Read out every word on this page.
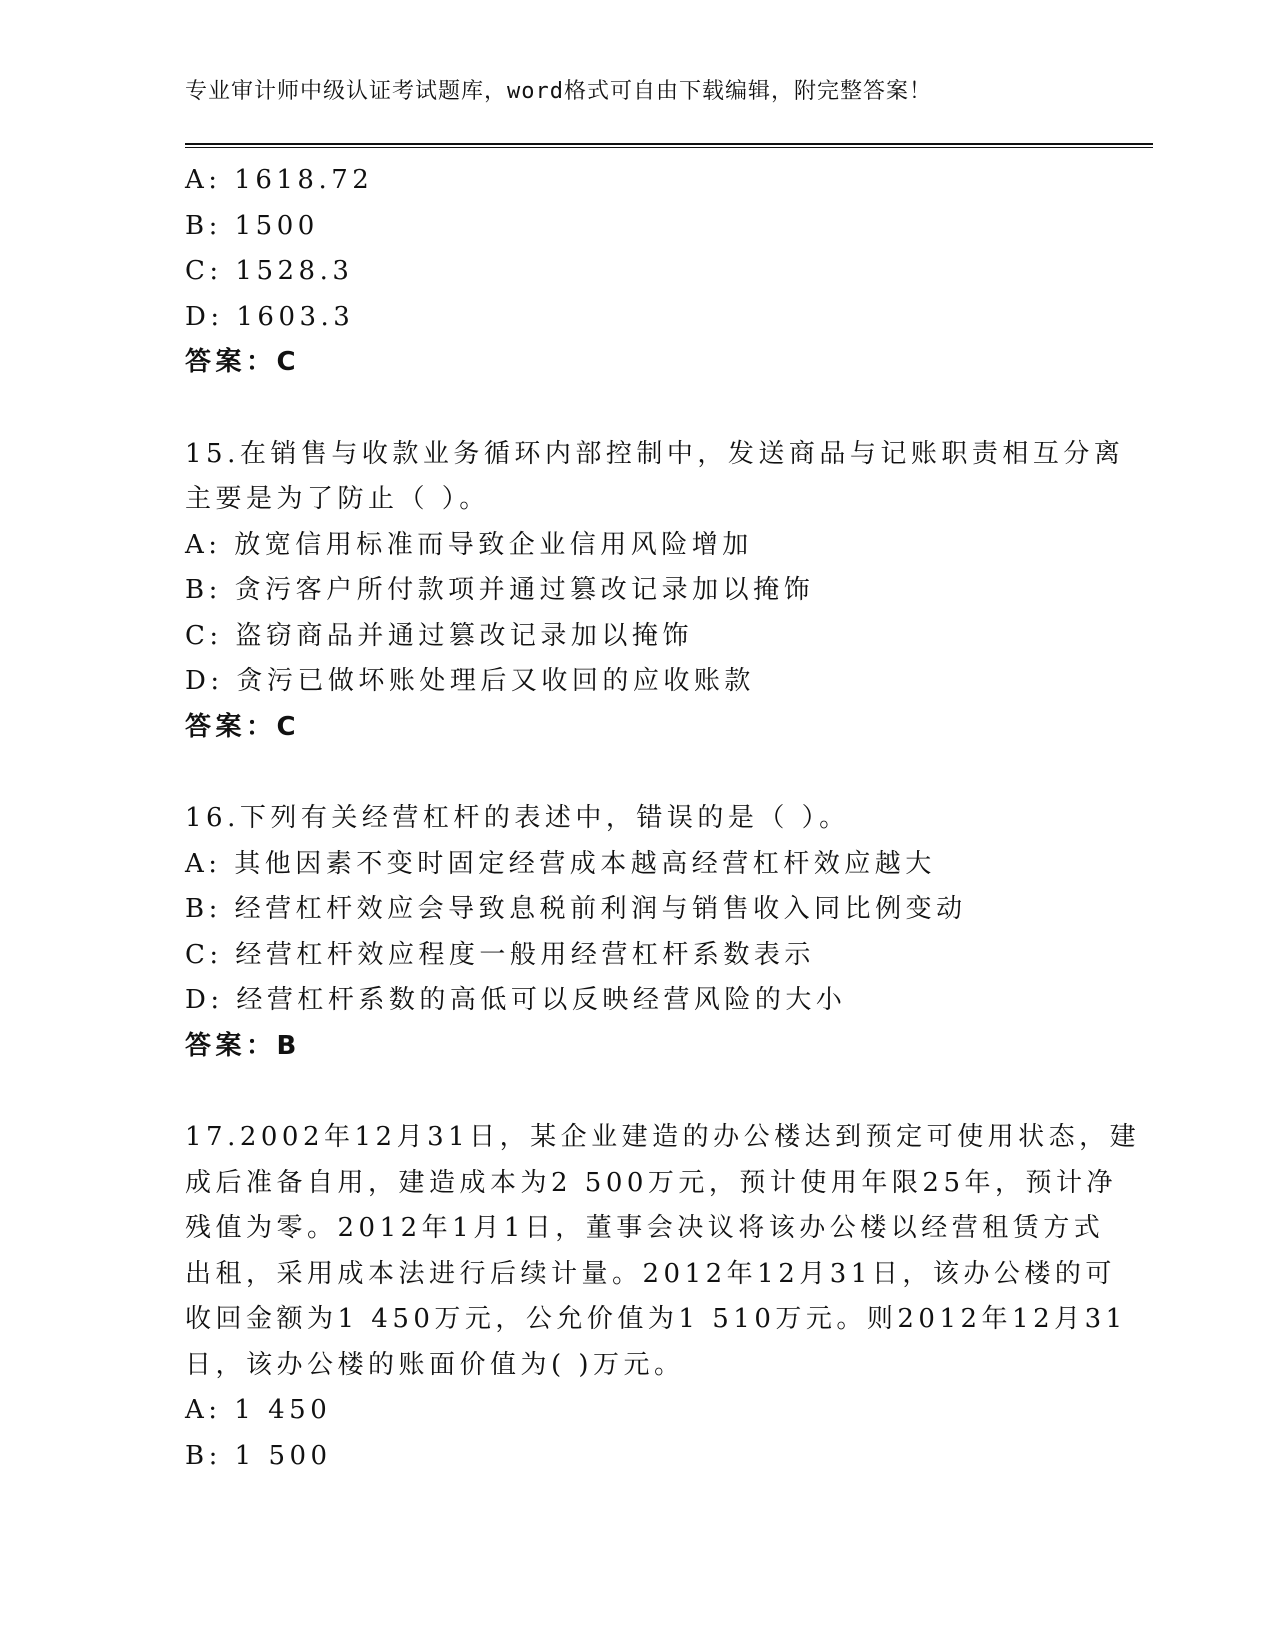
专业审计师中级认证考试题库，word格式可自由下载编辑，附完整答案！
A: 1618.72
B: 1500
C: 1528.3
D: 1603.3
答案：C
15.在销售与收款业务循环内部控制中，发送商品与记账职责相互分离
主要是为了防止（ ）。
A: 放宽信用标准而导致企业信用风险增加
B: 贪污客户所付款项并通过篡改记录加以掩饰
C: 盗窃商品并通过篡改记录加以掩饰
D: 贪污已做坏账处理后又收回的应收账款
答案：C
16.下列有关经营杠杆的表述中，错误的是（ ）。
A: 其他因素不变时固定经营成本越高经营杠杆效应越大
B: 经营杠杆效应会导致息税前利润与销售收入同比例变动
C: 经营杠杆效应程度一般用经营杠杆系数表示
D: 经营杠杆系数的高低可以反映经营风险的大小
答案：B
17.2002年12月31日，某企业建造的办公楼达到预定可使用状态，建
成后准备自用，建造成本为2 500万元，预计使用年限25年，预计净
残值为零。2012年1月1日，董事会决议将该办公楼以经营租赁方式
出租，采用成本法进行后续计量。2012年12月31日，该办公楼的可
收回金额为1 450万元，公允价值为1 510万元。则2012年12月31
日，该办公楼的账面价值为( )万元。
A: 1 450
B: 1 500
